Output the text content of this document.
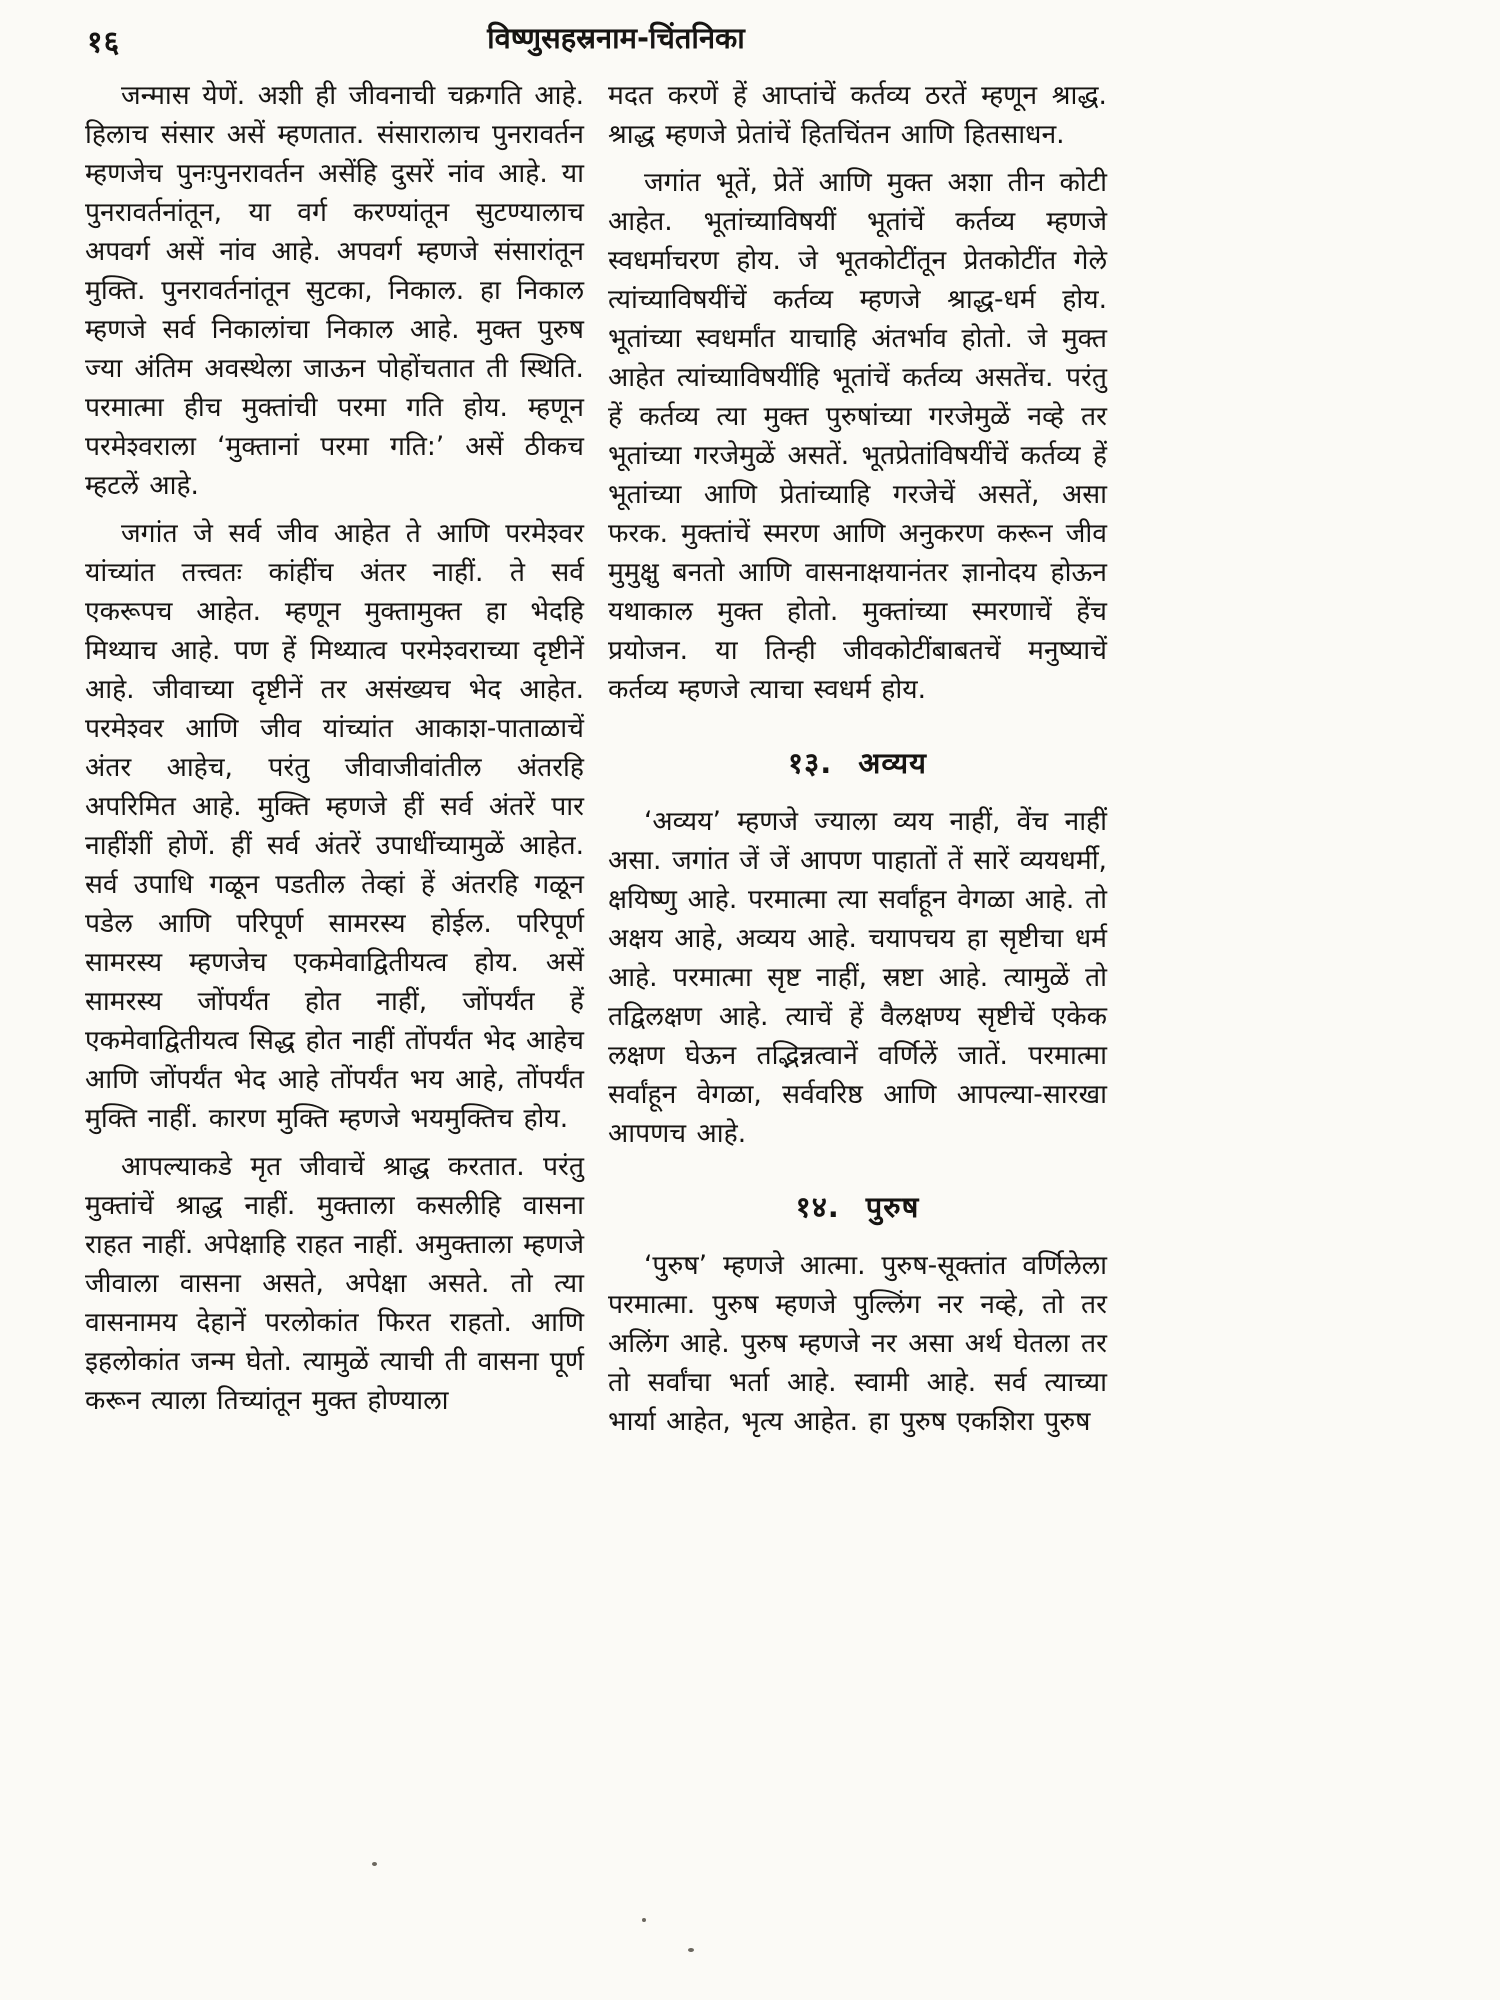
१६	विष्णुसहस्रनाम-चिंतनिका

जन्मास येणें. अशी ही जीवनाची चक्रगति आहे. हिलाच संसार असें म्हणतात. संसारालाच पुनरावर्तन म्हणजेच पुनःपुनरावर्तन असेंहि दुसरें नांव आहे. या पुनरावर्तनांतून, या वर्ग करण्यांतून सुटण्यालाच अपवर्ग असें नांव आहे. अपवर्ग म्हणजे संसारांतून मुक्ति. पुनरावर्तनांतून सुटका, निकाल. हा निकाल म्हणजे सर्व निकालांचा निकाल आहे. मुक्त पुरुष ज्या अंतिम अवस्थेला जाऊन पोहोंचतात ती स्थिति. परमात्मा हीच मुक्तांची परमा गति होय. म्हणून परमेश्वराला ‘मुक्तानां परमा गति:’ असें ठीकच म्हटलें आहे.

जगांत जे सर्व जीव आहेत ते आणि परमेश्वर यांच्यांत तत्त्वतः कांहींच अंतर नाहीं. ते सर्व एकरूपच आहेत. म्हणून मुक्तामुक्त हा भेदहि मिथ्याच आहे. पण हें मिथ्यात्व परमेश्वराच्या दृष्टीनें आहे. जीवाच्या दृष्टीनें तर असंख्यच भेद आहेत. परमेश्वर आणि जीव यांच्यांत आकाश-पाताळाचें अंतर आहेच, परंतु जीवाजीवांतील अंतरहि अपरिमित आहे. मुक्ति म्हणजे हीं सर्व अंतरें पार नाहींशीं होणें. हीं सर्व अंतरें उपाधींच्यामुळें आहेत. सर्व उपाधि गळून पडतील तेव्हां हें अंतरहि गळून पडेल आणि परिपूर्ण सामरस्य होईल. परिपूर्ण सामरस्य म्हणजेच एकमेवाद्वितीयत्व होय. असें सामरस्य जोंपर्यंत होत नाहीं, जोंपर्यंत हें एकमेवाद्वितीयत्व सिद्ध होत नाहीं तोंपर्यंत भेद आहेच आणि जोंपर्यंत भेद आहे तोंपर्यंत भय आहे, तोंपर्यंत मुक्ति नाहीं. कारण मुक्ति म्हणजे भयमुक्तिच होय.

आपल्याकडे मृत जीवाचें श्राद्ध करतात. परंतु मुक्तांचें श्राद्ध नाहीं. मुक्ताला कसलीहि वासना राहत नाहीं. अपेक्षाहि राहत नाहीं. अमुक्ताला म्हणजे जीवाला वासना असते, अपेक्षा असते. तो त्या वासनामय देहानें परलोकांत फिरत राहतो. आणि इहलोकांत जन्म घेतो. त्यामुळें त्याची ती वासना पूर्ण करून त्याला तिच्यांतून मुक्त होण्याला

मदत करणें हें आप्तांचें कर्तव्य ठरतें म्हणून श्राद्ध. श्राद्ध म्हणजे प्रेतांचें हितचिंतन आणि हितसाधन.

जगांत भूतें, प्रेतें आणि मुक्त अशा तीन कोटी आहेत. भूतांच्याविषयीं भूतांचें कर्तव्य म्हणजे स्वधर्माचरण होय. जे भूतकोटींतून प्रेतकोटींत गेले त्यांच्याविषयींचें कर्तव्य म्हणजे श्राद्ध-धर्म होय. भूतांच्या स्वधर्मांत याचाहि अंतर्भाव होतो. जे मुक्त आहेत त्यांच्याविषयींहि भूतांचें कर्तव्य असतेंच. परंतु हें कर्तव्य त्या मुक्त पुरुषांच्या गरजेमुळें नव्हे तर भूतांच्या गरजेमुळें असतें. भूतप्रेतांविषयींचें कर्तव्य हें भूतांच्या आणि प्रेतांच्याहि गरजेचें असतें, असा फरक. मुक्तांचें स्मरण आणि अनुकरण करून जीव मुमुक्षु बनतो आणि वासनाक्षयानंतर ज्ञानोदय होऊन यथाकाल मुक्त होतो. मुक्तांच्या स्मरणाचें हेंच प्रयोजन. या तिन्ही जीवकोटींबाबतचें मनुष्याचें कर्तव्य म्हणजे त्याचा स्वधर्म होय.

१३. अव्यय

‘अव्यय’ म्हणजे ज्याला व्यय नाहीं, वेंच नाहीं असा. जगांत जें जें आपण पाहातों तें सारें व्ययधर्मी, क्षयिष्णु आहे. परमात्मा त्या सर्वांहून वेगळा आहे. तो अक्षय आहे, अव्यय आहे. चयापचय हा सृष्टीचा धर्म आहे. परमात्मा सृष्ट नाहीं, स्रष्टा आहे. त्यामुळें तो तद्विलक्षण आहे. त्याचें हें वैलक्षण्य सृष्टीचें एकेक लक्षण घेऊन तद्भिन्नत्वानें वर्णिलें जातें. परमात्मा सर्वांहून वेगळा, सर्ववरिष्ठ आणि आपल्या-सारखा आपणच आहे.

१४. पुरुष

‘पुरुष’ म्हणजे आत्मा. पुरुष-सूक्तांत वर्णिलेला परमात्मा. पुरुष म्हणजे पुल्लिंग नर नव्हे, तो तर अलिंग आहे. पुरुष म्हणजे नर असा अर्थ घेतला तर तो सर्वांचा भर्ता आहे. स्वामी आहे. सर्व त्याच्या भार्या आहेत, भृत्य आहेत. हा पुरुष एकशिरा पुरुष
